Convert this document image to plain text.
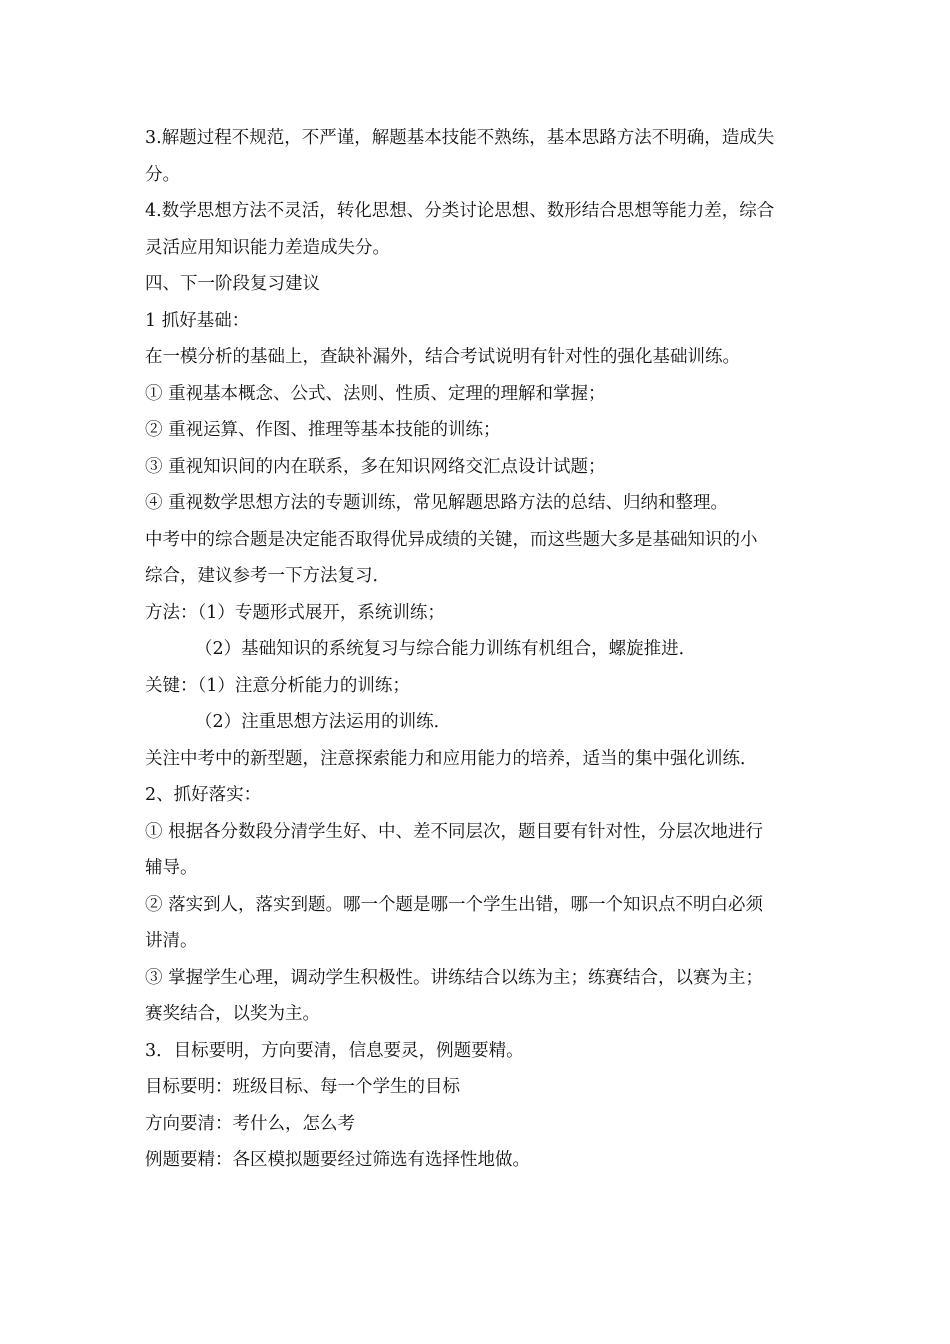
3.解题过程不规范，不严谨，解题基本技能不熟练，基本思路方法不明确，造成失
分。
4.数学思想方法不灵活，转化思想、分类讨论思想、数形结合思想等能力差，综合
灵活应用知识能力差造成失分。
四、下一阶段复习建议
1 抓好基础：
在一模分析的基础上，查缺补漏外，结合考试说明有针对性的强化基础训练。
① 重视基本概念、公式、法则、性质、定理的理解和掌握；
② 重视运算、作图、推理等基本技能的训练；
③ 重视知识间的内在联系，多在知识网络交汇点设计试题；
④ 重视数学思想方法的专题训练，常见解题思路方法的总结、归纳和整理。
中考中的综合题是决定能否取得优异成绩的关键，而这些题大多是基础知识的小
综合，建议参考一下方法复习．
方法：（1）专题形式展开，系统训练；
（2）基础知识的系统复习与综合能力训练有机组合，螺旋推进．
关键：（1）注意分析能力的训练；
（2）注重思想方法运用的训练．
关注中考中的新型题，注意探索能力和应用能力的培养，适当的集中强化训练．
2、抓好落实：
① 根据各分数段分清学生好、中、差不同层次，题目要有针对性，分层次地进行
辅导。
② 落实到人，落实到题。哪一个题是哪一个学生出错，哪一个知识点不明白必须
讲清。
③ 掌握学生心理，调动学生积极性。讲练结合以练为主；练赛结合，以赛为主；
赛奖结合，以奖为主。
3．目标要明，方向要清，信息要灵，例题要精。
目标要明：班级目标、每一个学生的目标
方向要清：考什么，怎么考
例题要精：各区模拟题要经过筛选有选择性地做。
